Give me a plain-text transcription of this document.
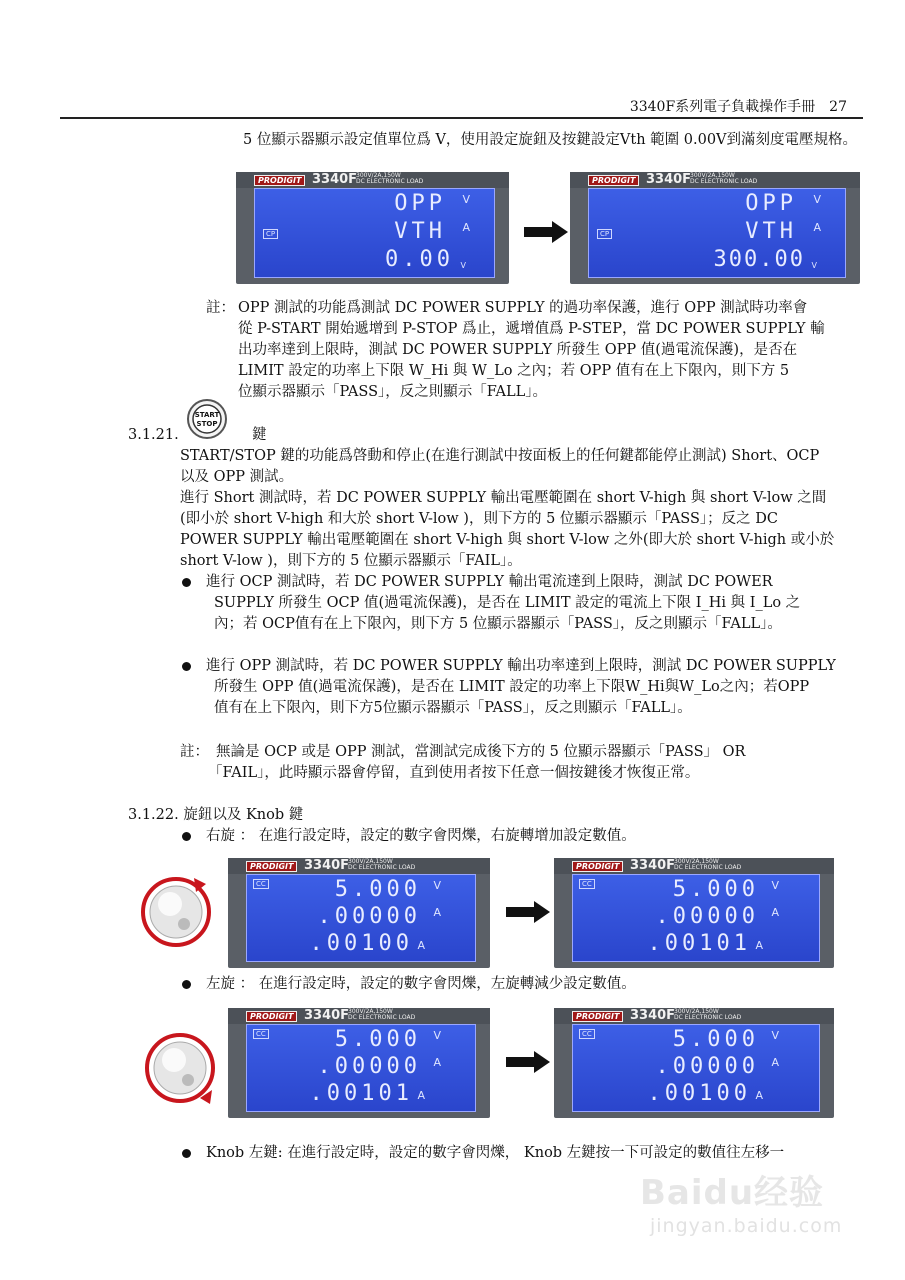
3340F系列電子負載操作手冊　27
5 位顯示器顯示設定值單位爲 V，使用設定旋鈕及按鍵設定Vth 範圍 0.00V到滿刻度電壓規格。
PRODIGIT 3340F
300V/2A,150W
DC ELECTRONIC LOAD
CP
OPP V
VTH A
0.00 V
PRODIGIT 3340F
300V/2A,150W
DC ELECTRONIC LOAD
CP
OPP V
VTH A
300.00 V
註： OPP 測試的功能爲測試 DC POWER SUPPLY 的過功率保護，進行 OPP 測試時功率會
從 P-START 開始遞增到 P-STOP 爲止，遞增值爲 P-STEP，當 DC POWER SUPPLY 輸
出功率達到上限時，測試 DC POWER SUPPLY 所發生 OPP 值(過電流保護)，是否在
LIMIT 設定的功率上下限 W_Hi 與 W_Lo 之內；若 OPP 值有在上下限內，則下方 5
位顯示器顯示「PASS」，反之則顯示「FALL」。
3.1.21.
START
STOP
鍵
START/STOP 鍵的功能爲啓動和停止(在進行測試中按面板上的任何鍵都能停止測試) Short、OCP
以及 OPP 測試。
進行 Short 測試時，若 DC POWER SUPPLY 輸出電壓範圍在 short V-high 與 short V-low 之間
(即小於 short V-high 和大於 short V-low )，則下方的 5 位顯示器顯示「PASS」；反之 DC
POWER SUPPLY 輸出電壓範圍在 short V-high 與 short V-low 之外(即大於 short V-high 或小於
short V-low )，則下方的 5 位顯示器顯示「FAIL」。
進行 OCP 測試時，若 DC POWER SUPPLY 輸出電流達到上限時，測試 DC POWER
SUPPLY 所發生 OCP 值(過電流保護)，是否在 LIMIT 設定的電流上下限 I_Hi 與 I_Lo 之
內；若 OCP值有在上下限內，則下方 5 位顯示器顯示「PASS」，反之則顯示「FALL」。
進行 OPP 測試時，若 DC POWER SUPPLY 輸出功率達到上限時，測試 DC POWER SUPPLY
所發生 OPP 值(過電流保護)，是否在 LIMIT 設定的功率上下限W_Hi與W_Lo之內；若OPP
值有在上下限內，則下方5位顯示器顯示「PASS」，反之則顯示「FALL」。
註： 無論是 OCP 或是 OPP 測試，當測試完成後下方的 5 位顯示器顯示「PASS」 OR
「FAIL」，此時顯示器會停留，直到使用者按下任意一個按鍵後才恢復正常。
3.1.22. 旋鈕以及 Knob 鍵
右旋 ： 在進行設定時，設定的數字會閃爍，右旋轉增加設定數值。
PRODIGIT 3340F
300V/2A,150W
DC ELECTRONIC LOAD
CC	5.000 V
.00000 A
.00100 A
PRODIGIT 3340F
300V/2A,150W
DC ELECTRONIC LOAD
CC	5.000 V
.00000 A
.00101 A
左旋 ： 在進行設定時，設定的數字會閃爍，左旋轉減少設定數值。
PRODIGIT 3340F
300V/2A,150W
DC ELECTRONIC LOAD
CC	5.000 V
.00000 A
.00101 A
PRODIGIT 3340F
300V/2A,150W
DC ELECTRONIC LOAD
CC	5.000 V
.00000 A
.00100 A
Knob 左鍵: 在進行設定時，設定的數字會閃爍， Knob 左鍵按一下可設定的數值往左移一
Baidu经验
jingyan.baidu.com
